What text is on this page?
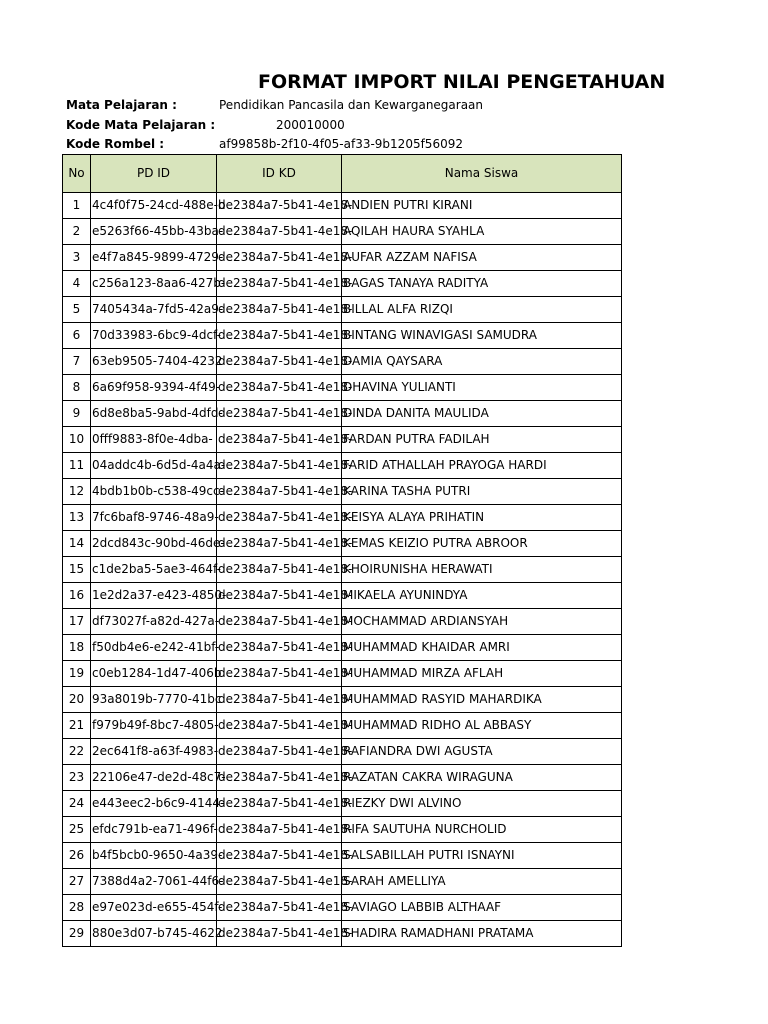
FORMAT IMPORT NILAI PENGETAHUAN
Mata Pelajaran :	Pendidikan Pancasila dan Kewarganegaraan
Kode Mata Pelajaran :	200010000
Kode Rombel :	af99858b-2f10-4f05-af33-9b1205f56092
No	PD ID	ID KD	Nama Siswa
1	4c4f0f75-24cd-488e-b	de2384a7-5b41-4e18-	ANDIEN PUTRI KIRANI
2	e5263f66-45bb-43ba-	de2384a7-5b41-4e18-	AQILAH HAURA SYAHLA
3	e4f7a845-9899-4729-	de2384a7-5b41-4e18-	AUFAR AZZAM NAFISA
4	c256a123-8aa6-427b-	de2384a7-5b41-4e18-	BAGAS TANAYA RADITYA
5	7405434a-7fd5-42a9-	de2384a7-5b41-4e18-	BILLAL ALFA RIZQI
6	70d33983-6bc9-4dcf-	de2384a7-5b41-4e18-	BINTANG WINAVIGASI SAMUDRA
7	63eb9505-7404-4232	de2384a7-5b41-4e18-	DAMIA QAYSARA
8	6a69f958-9394-4f49-	de2384a7-5b41-4e18-	DHAVINA YULIANTI
9	6d8e8ba5-9abd-4dfd-	de2384a7-5b41-4e18-	DINDA DANITA MAULIDA
10	0fff9883-8f0e-4dba-	de2384a7-5b41-4e18-	FARDAN PUTRA FADILAH
11	04addc4b-6d5d-4a4a-	de2384a7-5b41-4e18-	FARID ATHALLAH PRAYOGA HARDI
12	4bdb1b0b-c538-49cc-	de2384a7-5b41-4e18-	KARINA TASHA PUTRI
13	7fc6baf8-9746-48a9-	de2384a7-5b41-4e18-	KEISYA ALAYA PRIHATIN
14	2dcd843c-90bd-46de-	de2384a7-5b41-4e18-	KEMAS KEIZIO PUTRA ABROOR
15	c1de2ba5-5ae3-464f-	de2384a7-5b41-4e18-	KHOIRUNISHA HERAWATI
16	1e2d2a37-e423-4850-	de2384a7-5b41-4e18-	MIKAELA AYUNINDYA
17	df73027f-a82d-427a-	de2384a7-5b41-4e18-	MOCHAMMAD ARDIANSYAH
18	f50db4e6-e242-41bf-	de2384a7-5b41-4e18-	MUHAMMAD KHAIDAR AMRI
19	c0eb1284-1d47-406b	de2384a7-5b41-4e18-	MUHAMMAD MIRZA AFLAH
20	93a8019b-7770-41bc	de2384a7-5b41-4e18-	MUHAMMAD RASYID MAHARDIKA
21	f979b49f-8bc7-4805-	de2384a7-5b41-4e18-	MUHAMMAD RIDHO AL ABBASY
22	2ec641f8-a63f-4983-	de2384a7-5b41-4e18-	RAFIANDRA DWI AGUSTA
23	22106e47-de2d-48c7-	de2384a7-5b41-4e18-	RAZATAN CAKRA WIRAGUNA
24	e443eec2-b6c9-4144-	de2384a7-5b41-4e18-	RIEZKY DWI ALVINO
25	efdc791b-ea71-496f-	de2384a7-5b41-4e18-	RIFA SAUTUHA NURCHOLID
26	b4f5bcb0-9650-4a39-	de2384a7-5b41-4e18-	SALSABILLAH PUTRI ISNAYNI
27	7388d4a2-7061-44f6-	de2384a7-5b41-4e18-	SARAH AMELLIYA
28	e97e023d-e655-454f-	de2384a7-5b41-4e18-	SAVIAGO LABBIB ALTHAAF
29	880e3d07-b745-4622	de2384a7-5b41-4e18-	SHADIRA RAMADHANI PRATAMA
